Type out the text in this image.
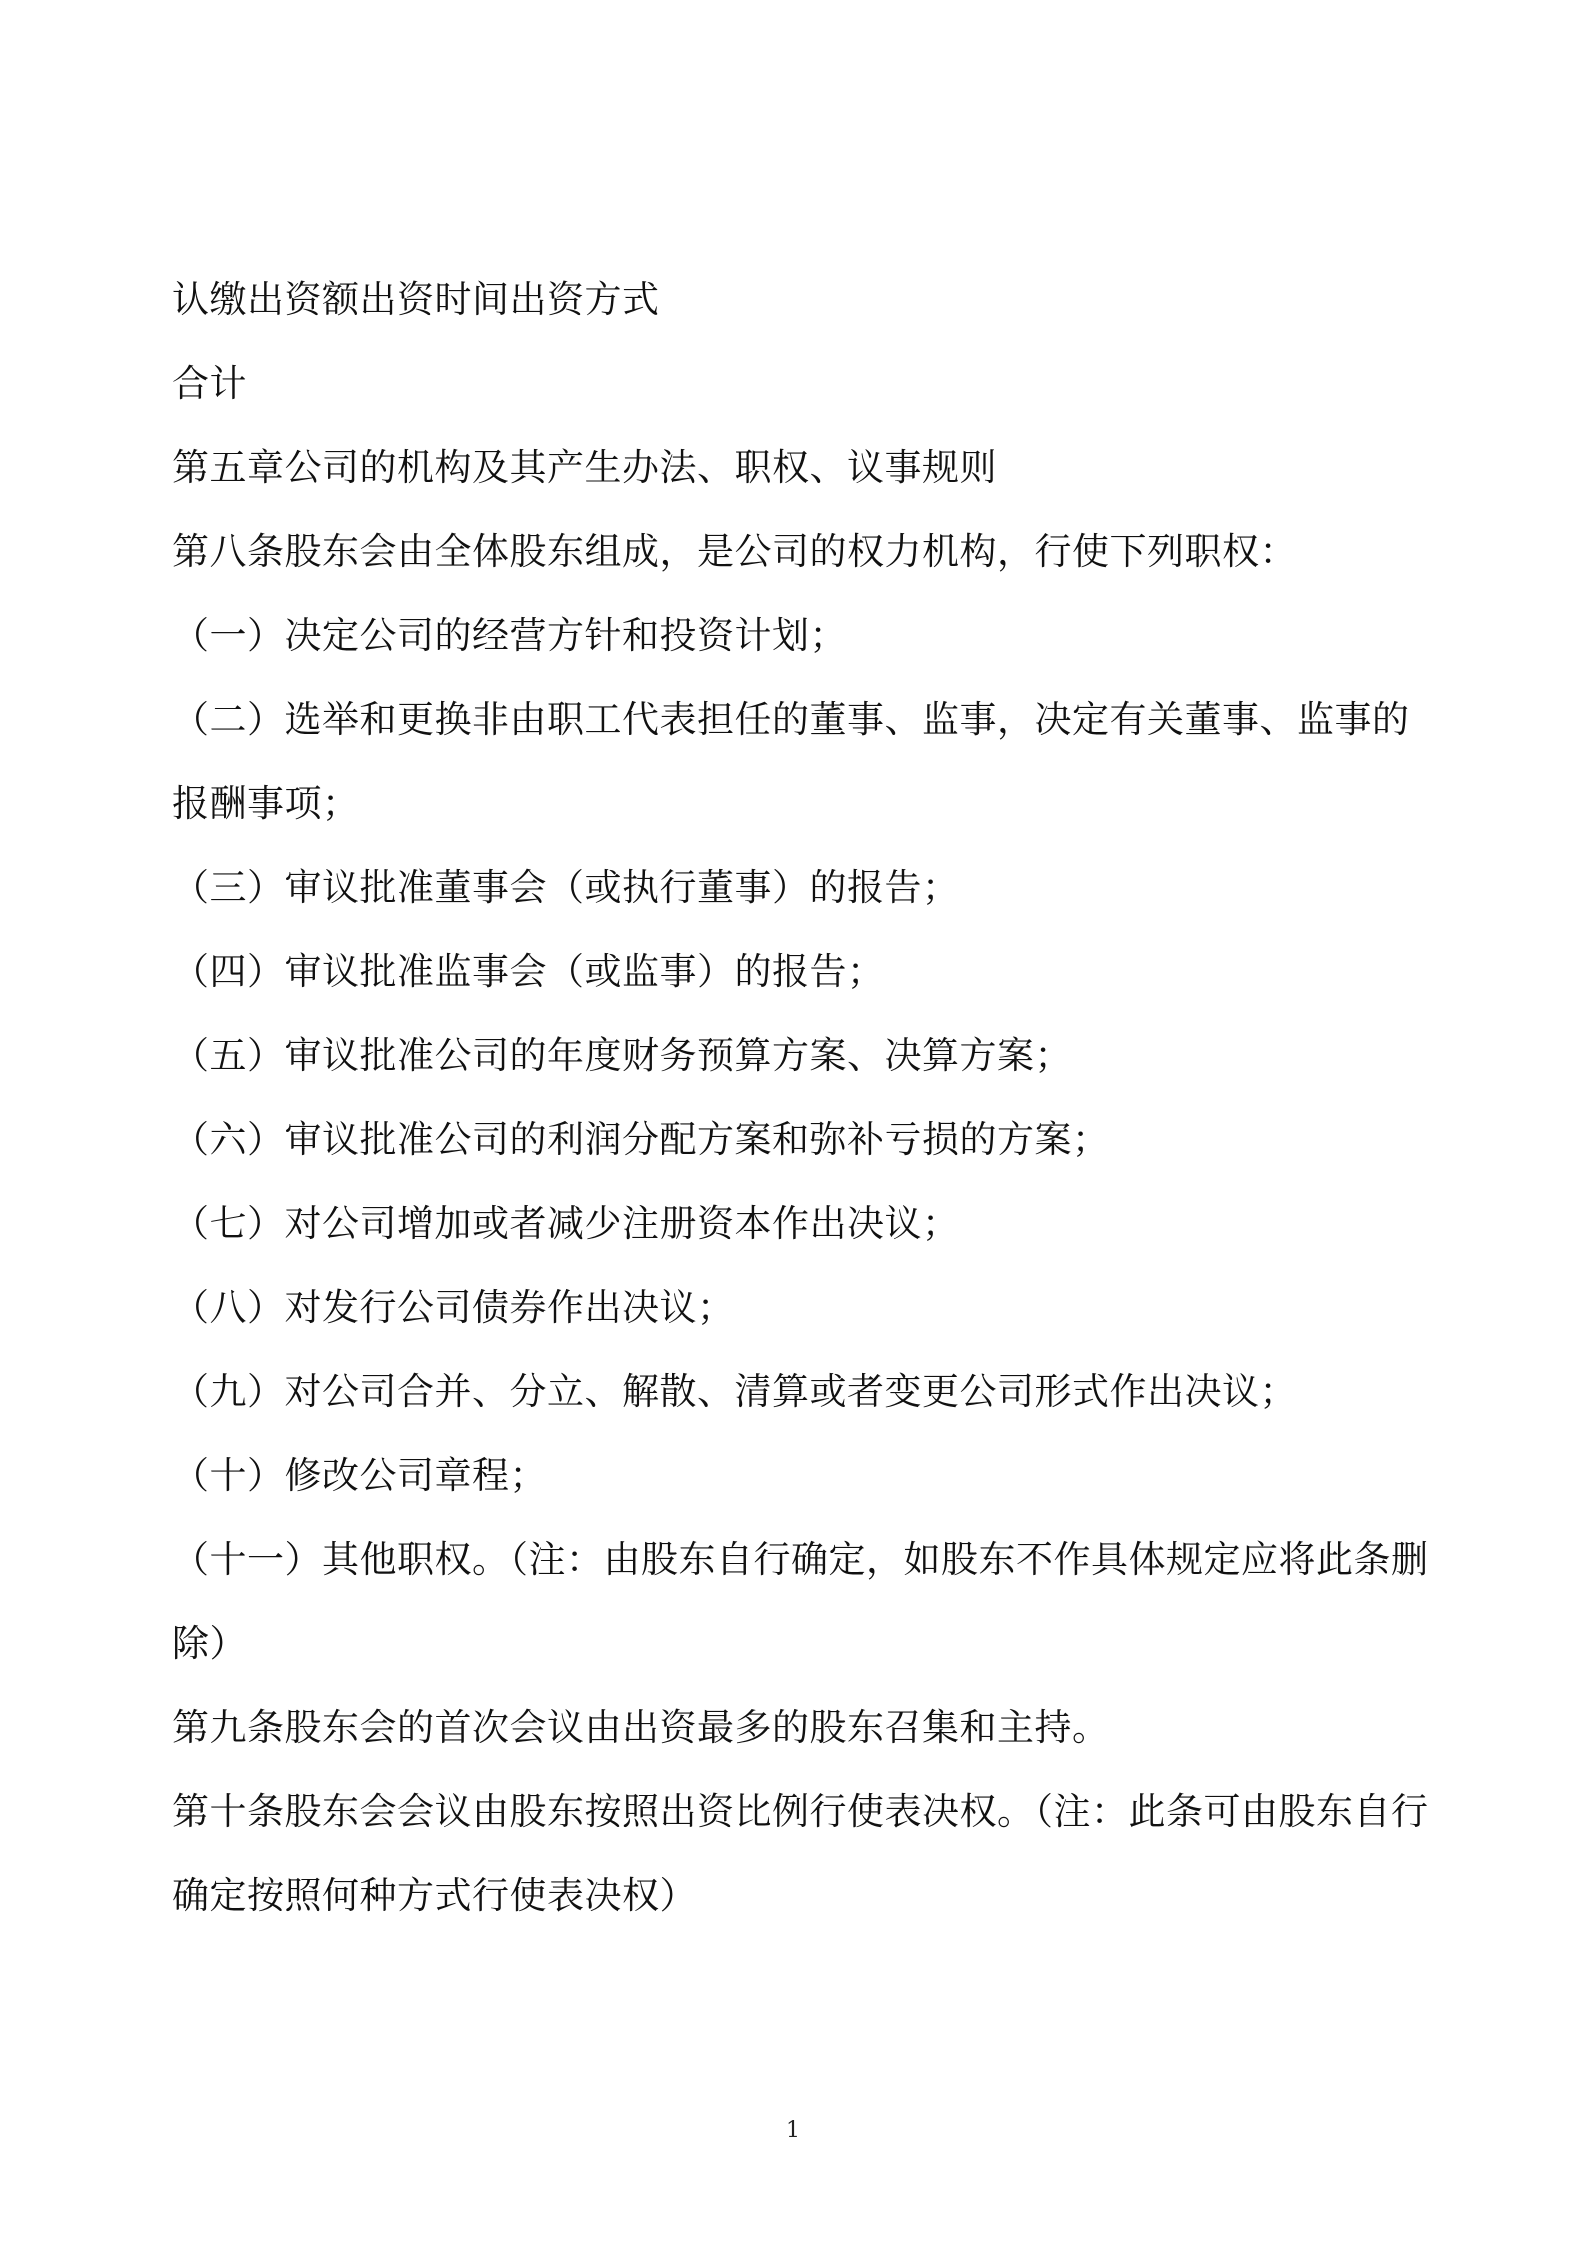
认缴出资额出资时间出资方式
合计
第五章公司的机构及其产生办法、职权、议事规则
第八条股东会由全体股东组成，是公司的权力机构，行使下列职权：
（一）决定公司的经营方针和投资计划；
（二）选举和更换非由职工代表担任的董事、监事，决定有关董事、监事的
报酬事项；
（三）审议批准董事会（或执行董事）的报告；
（四）审议批准监事会（或监事）的报告；
（五）审议批准公司的年度财务预算方案、决算方案；
（六）审议批准公司的利润分配方案和弥补亏损的方案；
（七）对公司增加或者减少注册资本作出决议；
（八）对发行公司债券作出决议；
（九）对公司合并、分立、解散、清算或者变更公司形式作出决议；
（十）修改公司章程；
（十一）其他职权。（注：由股东自行确定，如股东不作具体规定应将此条删
除）
第九条股东会的首次会议由出资最多的股东召集和主持。
第十条股东会会议由股东按照出资比例行使表决权。（注：此条可由股东自行
确定按照何种方式行使表决权）
1
